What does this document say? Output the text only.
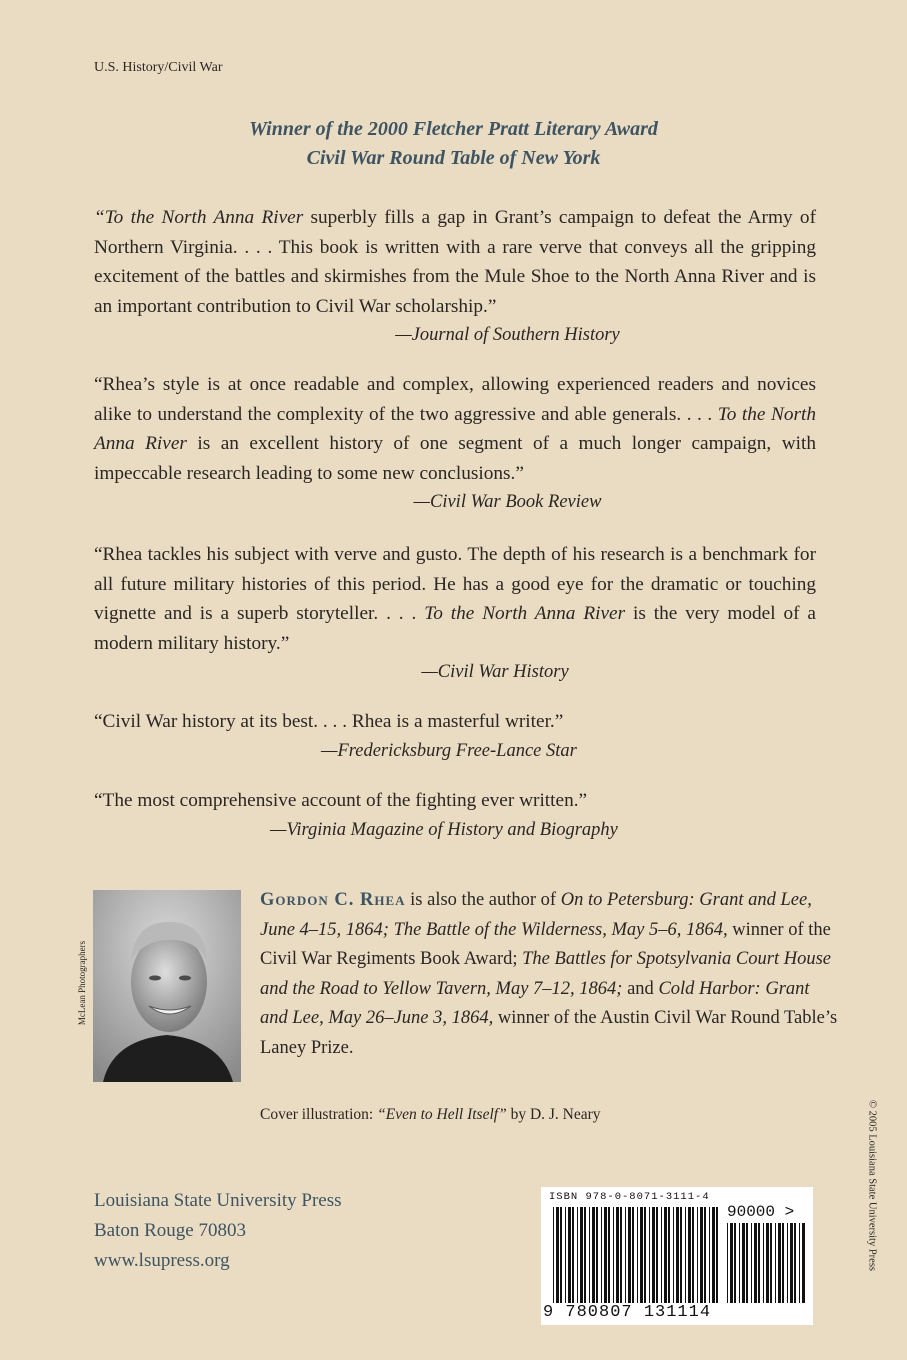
U.S. History/Civil War
Winner of the 2000 Fletcher Pratt Literary Award
Civil War Round Table of New York
“To the North Anna River superbly fills a gap in Grant’s campaign to defeat the Army of Northern Virginia. . . . This book is written with a rare verve that conveys all the gripping excitement of the battles and skirmishes from the Mule Shoe to the North Anna River and is an important contribution to Civil War scholarship.”
—Journal of Southern History
“Rhea’s style is at once readable and complex, allowing experienced readers and novices alike to understand the complexity of the two aggressive and able generals. . . . To the North Anna River is an excellent history of one segment of a much longer campaign, with impeccable research leading to some new conclusions.”
—Civil War Book Review
“Rhea tackles his subject with verve and gusto. The depth of his research is a benchmark for all future military histories of this period. He has a good eye for the dramatic or touching vignette and is a superb storyteller. . . . To the North Anna River is the very model of a modern military history.”
—Civil War History
“Civil War history at its best. . . . Rhea is a masterful writer.”
—Fredericksburg Free-Lance Star
“The most comprehensive account of the fighting ever written.”
—Virginia Magazine of History and Biography
McLean Photographers
Gordon C. Rhea is also the author of On to Petersburg: Grant and Lee, June 4–15, 1864; The Battle of the Wilderness, May 5–6, 1864, winner of the Civil War Regiments Book Award; The Battles for Spotsylvania Court House and the Road to Yellow Tavern, May 7–12, 1864; and Cold Harbor: Grant and Lee, May 26–June 3, 1864, winner of the Austin Civil War Round Table’s Laney Prize.
Cover illustration: “Even to Hell Itself” by D. J. Neary
Louisiana State University Press
Baton Rouge 70803
www.lsupress.org
ISBN 978-0-8071-3111-4
90000 >
9 780807 131114
© 2005 Louisiana State University Press
